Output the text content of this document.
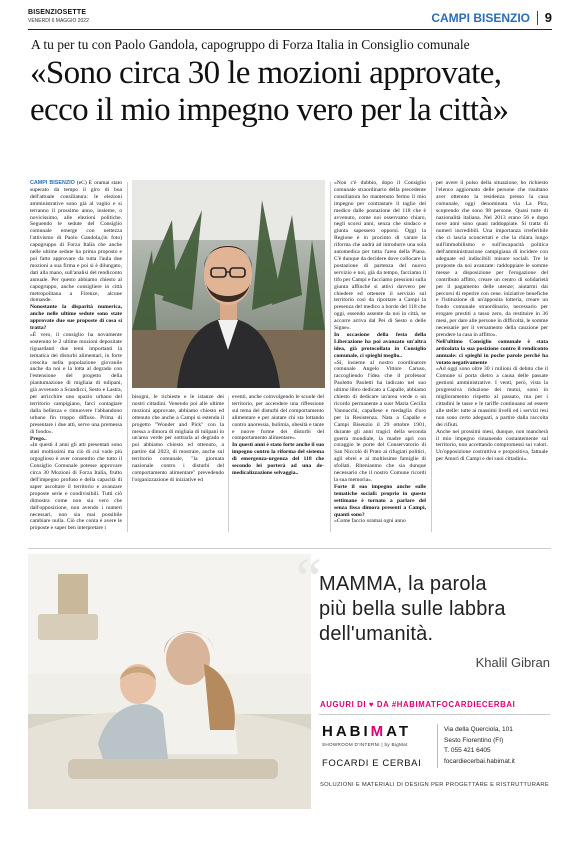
BISENZIOSETTE
VENERDÌ 6 MAGGIO 2022	CAMPI BISENZIO 9
A tu per tu con Paolo Gandola, capogruppo di Forza Italia in Consiglio comunale
«Sono circa 30 le mozioni approvate,
ecco il mio impegno vero per la città»

CAMPI BISENZIO (eC) È oramai stato superato da tempo il giro di boa dell'attuale consiliatura: le elezioni amministrative sono già al vaglio e si terranno il prossimo anno, insieme, o novicissimo, alle elezioni politiche. Seguendo le sedute del Consiglio comunale emerge con nettezza l'attivismo di Paolo Gandola,(in foto) capogruppo di Forza Italia che anche nelle ultime sedute ha prima proposto e poi fatto approvare da tutta l'aula due mozioni a sua firma e poi si è dilungato, dati alla mano, sull'analisi del rendiconto annuale. Per questo abbiamo chiesto al capogruppo, anche consigliere in città metropolitana a Firenze, alcune domande.

Nonostante la disparità numerica, anche nelle ultime sedute sono state approvate due sue proposte di cosa si tratta?

«È vero, il consiglio ha novamente sostenuto le 2 ultime mozioni depositate riguardanti due temi importanti la tematica dei disturbi alimentari, in forte crescita nella popolazione giovanile anche da noi e la lotta al degrado con l'estensione del progetto della piantumazione di migliaia di tulipani, già avvenuto a Scandicci, Sesto e Lastra, per arricchire uno spazio urbano del territorio campigiano, farci contagiare dalla bellezza e rimuovere l'abbandono urbano fin troppo diffuso. Prima di presentare i due atti, serve una premessa di fondo».

Prego..

«In questi 4 anni gli atti presentati sono stati moltissimi ma ciò di cui vado più orgoglioso è aver consentito che tutto il Consiglio Comunale potesse approvare circa 30 Mozioni di Forza Italia, frutto dell'impegno profuso e della capacità di saper ascoltare il territorio e avanzare proposte serie e condivisibili. Tutti ciò dimostra come non sia vero che dall'opposizione, non avendo i numeri necessari, non sia mai possibile cambiare nulla. Ciò che conta è avere le proposte e saper ben interpretare i

bisogni, le richieste e le istanze dei nostri cittadini. Venendo poi alle ultime mozioni approvate, abbiamo chiesto ed ottenuto che anche a Campi si estenda il progetto "Wonder and Pick" con la messa a dimora di migliaia di tulipani in un'area verde per sottrarla al degrado e poi abbiamo chiesto ed ottenuto, a partire dal 2023, di mostrare, anche sul territorio comunale, "la giornata nazionale contro i disturbi del comportamento alimentare" prevedendo l'organizzazione di iniziative ed

eventi, anche coinvolgendo le scuole del territorio, per accendere una riflessione sul tema dei disturbi del comportamento alimentare e per aiutare chi sta lottando contro anoressia, bulimia, obesità e tante e nuove forme dei disturbi del comportamento alimentare».

In questi anni è stato forte anche il suo impegno contro la riforma del sistema di emergenza-urgenza del 118 che secondo lei porterà ad una de-medicalizzazione selvaggia..

«Non c'è dubbio, dopo il Consiglio comunale straordinario della precedente consiliatura ho mantenuto fermo il mio impegno per contrastare il taglio del medico dalle postazione del 118 che è avvenuto, come noi osservamo chiaro, negli scorsi anni, senza che sindaco e giunta sapessero opporsi. Oggi la Regione è in procinto di varare la riforma che andrà ad introdurre una sola automedica per tutta l'area della Piana. C'è dunque da decidere dove collocare la postazione di partenza del nuovo servizio e noi, già da tempo, facciamo il tifo per Campi e facciamo pressioni sulla giunta affinché si attivi davvero per chiedere ed ottenere il servizio sul territorio così da riportare a Campi la presenza del medico a bordo del 118 che oggi, essendo assente da noi in città, se accorre arriva dal Pei di Sesto o delle Signe».

In occasione della festa della Liberazione ha poi avanzato un'altra idea, già protocollata in Consiglio comunale, ci spieghi meglio..

«Sì, insieme al nostro coordinatore comunale Angelo Vittore Caruso, raccogliendo l'idea che il professor Paoletto Paoletti ha indicato nel suo ultimo libro dedicato a Capalle, abbiamo chiesto di dedicare un'area verde o un ricordo permanente a suor Maria Cecilia Vannucchi, capallese e medaglia d'oro per la Resistenza. Nata a Capalle e Campi Bisenzio il 29 ottobre 1901, durante gli anni tragici della seconda guerra mondiale, la madre aprì con coraggio le porte del Conservatorio di San Niccolò di Prato ai rifugiati politici, agli ebrei e ai moltissime famiglie di sfollati. Ritenianmo che sia dunque necessario che il nostro Comune ricordi la sua memoria».

Forte il suo impegno anche sulle tematiche sociali: proprio in queste settimane è tornato a parlare del senza fissa dimora presenti a Campi, quanti sono?

«Come faccio oramai ogni anno

per avere il polso della situazione, ho richiesto l'elenco aggiornato delle persone che risultano aver ottenuto la residenza presso la casa comunale, oggi denominata via La Pira, scoprendo che sono 98 persone. Quasi tutte di nazionalità italiana. Nel 2013 erano 56 e dopo nove anni sono quasi raddoppiate. Si tratta di numeri incredibili. Una importanza irreferibile che ci lascia sconcertati e che la chiara lungo sull'immobilismo e sull'incapacità politica dell'amministrazione campigiana di incidere con adeguate ed indiscibili misure sociali. Tre le proposte da noi avanzate: raddoppiare le somme messe a disposizione per l'erogazione del contributo affitto, creare un centro di solidarietà per il pagamento delle utenze; aiutarmi dai percorsi di reperire con cene. iniziative benefiche e l'istituzione di un'apposita lotteria, creare un fondo comunale straordinario, necessario per erogare prestiti a tasso zero, da restituire in 36 mesi, per dare alle persone in difficoltà, le somme necessarie per il versamento della cauzione per prendere la casa in affitto».

Nell'ultimo Consiglio comunale è stata articolata la sua posizione contro il rendiconto annuale: ci spieghi in poche parole perché ha votato negativamente

«Ad oggi sono oltre 30 i milioni di debito che il Comune si porta dietro a causa delle passate gestioni amministrative. I venti, però, vista la progressiva riduzione dei mutui, sono in miglioramento rispetto al passato, ma per i cittadini le tasse e le tariffe continuano ad essere alle stelle: tutte ai massimi livelli ed i servizi resi non sono certo adeguati, a partire dalla raccolta dei rifiuti.

Anche nei prossimi mesi, dunque, non mancherà il mio impegno rimanendo costantemente sul territorio, non accettando compromessi sui valori. Un'opposizione costruttiva e propositiva, fattuale per Amori di Campi e dei suoi cittadini».

“
MAMMA, la parola
più bella sulle labbra
dell'umanità.
Khalil Gibran
AUGURI DI ♥ DA #HABIMATFOCARDIECERBAI
HABIMAT
SHOWROOM D'INTERNI | by BigMat
FOCARDI E CERBAI
Via della Querciola, 101
Sesto Fiorentino (FI)
T. 055 421 6405
focardiecerbai.habimat.it
SOLUZIONI E MATERIALI DI DESIGN PER PROGETTARE E RISTRUTTURARE
